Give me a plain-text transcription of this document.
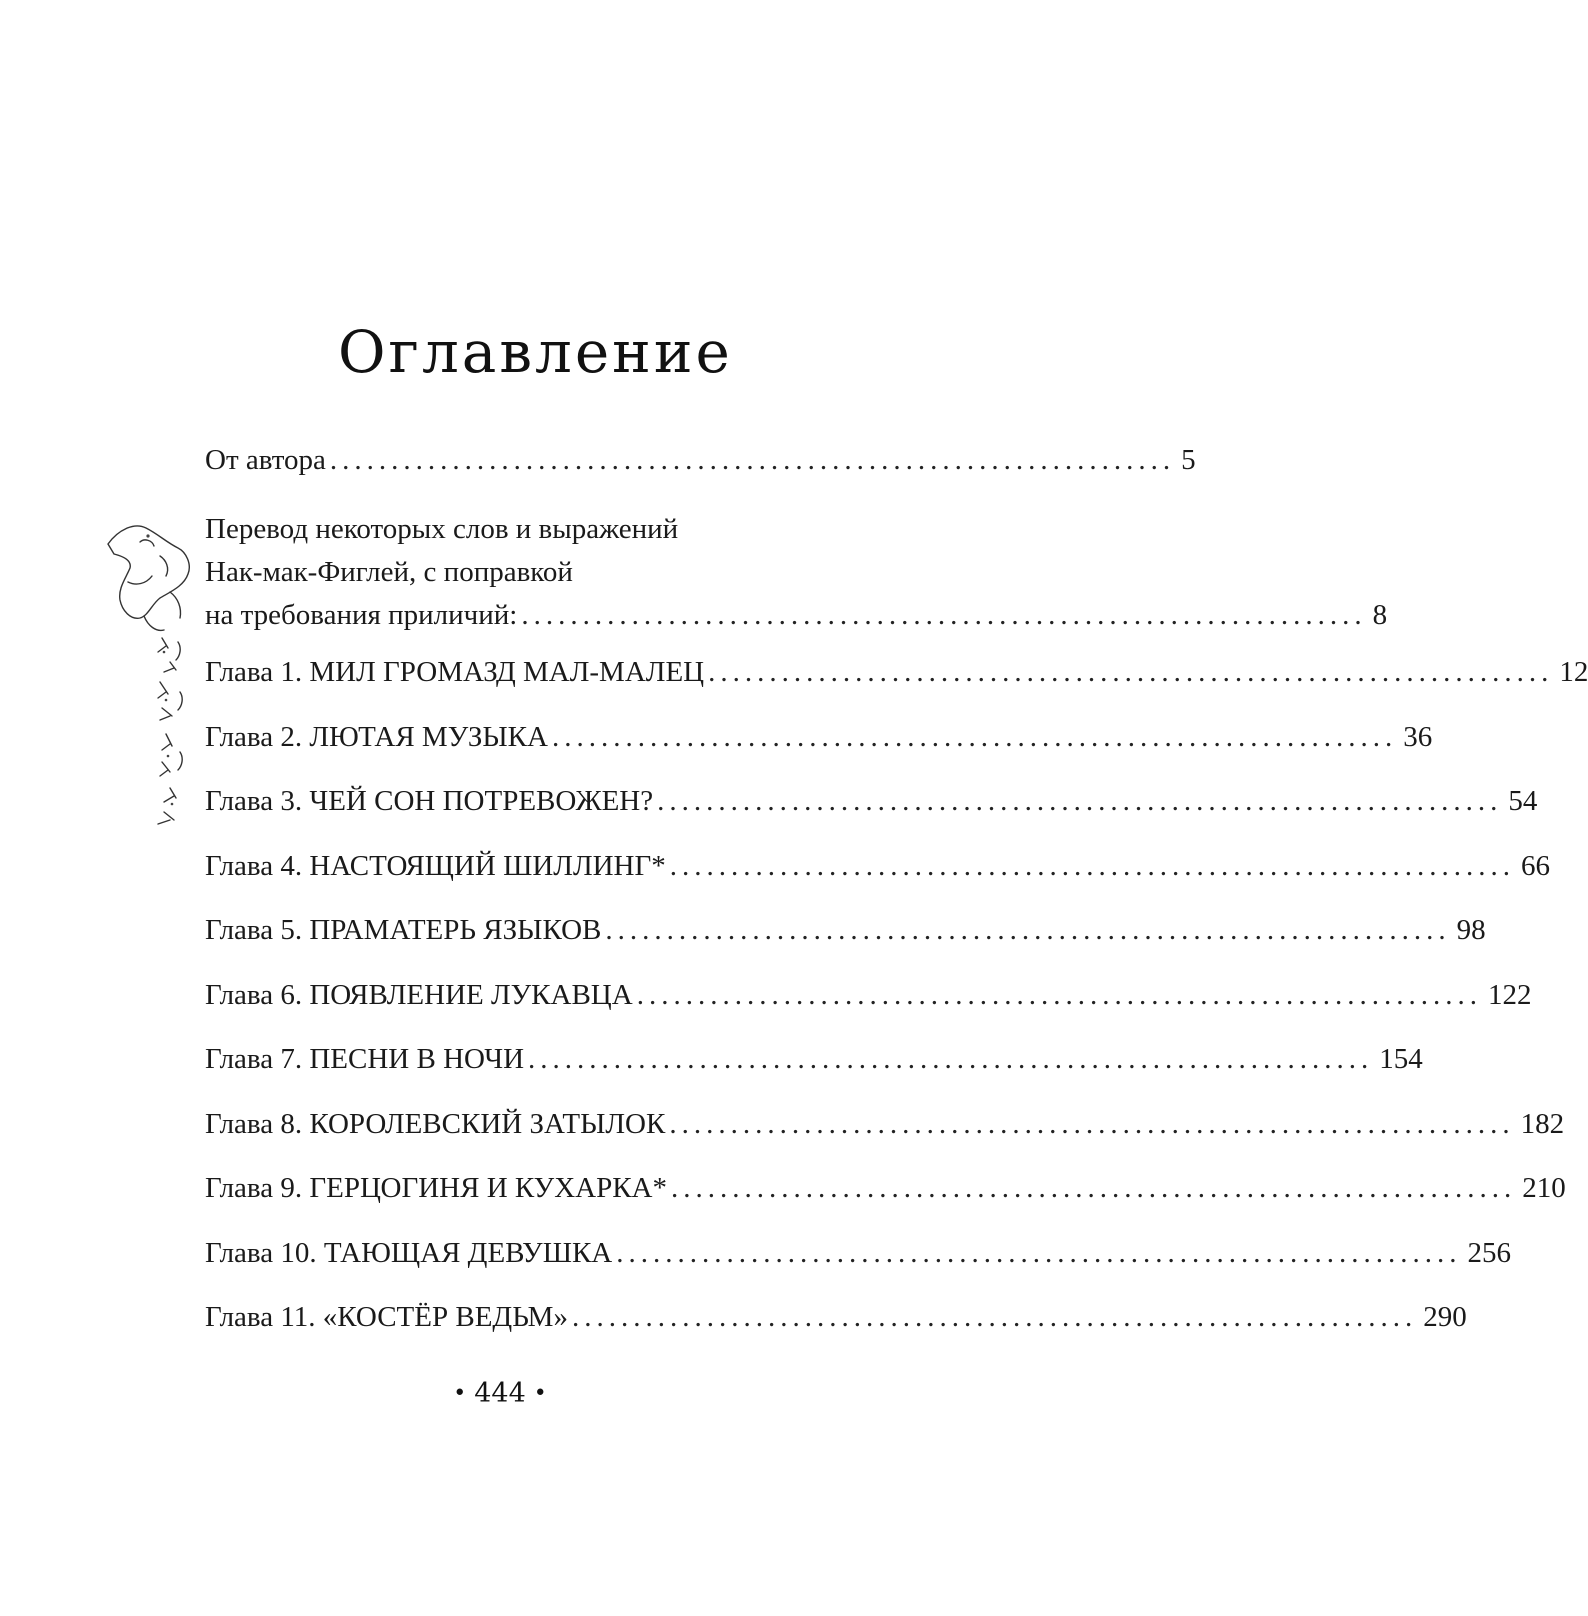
Оглавление
От автора ..................................................................... 5
Перевод некоторых слов и выражений
Нак-мак-Фиглей, с поправкой
на требования приличий: ..................................................................... 8
Глава 1. МИЛ ГРОМАЗД МАЛ-МАЛЕЦ ..................................................................... 12
Глава 2. ЛЮТАЯ МУЗЫКА ..................................................................... 36
Глава 3. ЧЕЙ СОН ПОТРЕВОЖЕН? ..................................................................... 54
Глава 4. НАСТОЯЩИЙ ШИЛЛИНГ* ..................................................................... 66
Глава 5. ПРАМАТЕРЬ ЯЗЫКОВ ..................................................................... 98
Глава 6. ПОЯВЛЕНИЕ ЛУКАВЦА ..................................................................... 122
Глава 7. ПЕСНИ В НОЧИ ..................................................................... 154
Глава 8. КОРОЛЕВСКИЙ ЗАТЫЛОК ..................................................................... 182
Глава 9. ГЕРЦОГИНЯ И КУХАРКА* ..................................................................... 210
Глава 10. ТАЮЩАЯ ДЕВУШКА ..................................................................... 256
Глава 11. «КОСТЁР ВЕДЬМ» ..................................................................... 290
• 444 •
